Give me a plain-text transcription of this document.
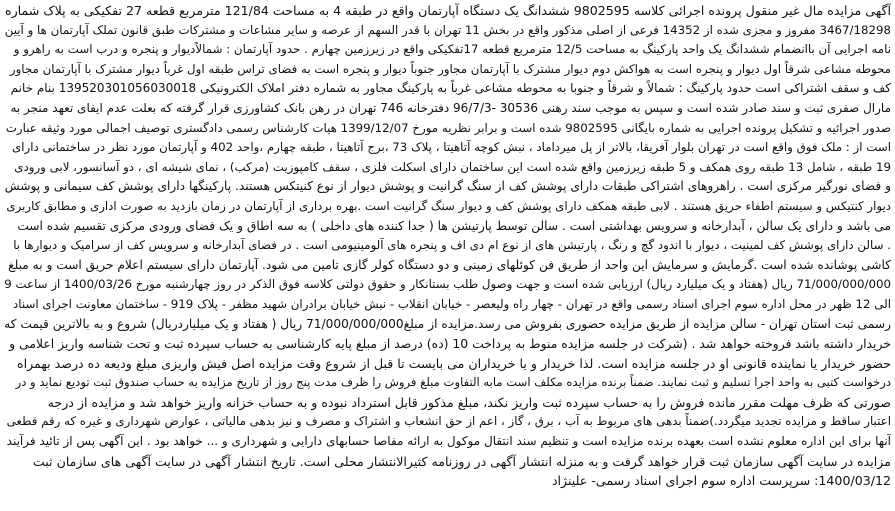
آگهی مزایده مال غیر منقول پرونده اجرائی کلاسه 9802595 ششدانگ یک دستگاه آپارتمان واقع در طبقه 4 به مساحت 121/84 مترمربع قطعه 27 تفکیکی به پلاک شماره
3467/18298 مفروز و مجزی شده از 14352 فرعی از اصلی مذکور واقع در بخش 11 تهران با قدر السهم از عرصه و سایر مشاعات و مشترکات طبق قانون تملک آپارتمان ها و آیین
نامه اجرایی آن باانضمام ششدانگ یک واحد پارکینگ به مساحت 12/5 مترمربع قطعه 17تفکیکی واقع در زیرزمین چهارم . حدود آپارتمان : شمالاًدیوار و پنجره و درب است به راهرو و
محوطه مشاعی شرقاً اول دیوار و پنجره است به هواکش دوم دیوار مشترک با آپارتمان مجاور جنوباً دیوار و پنجره است به فضای تراس طبقه اول غرباً دیوار مشترک با آپارتمان مجاور
کف و سقف اشتراکی است حدود پارکینگ : شمالاً و شرقاً و جنوبا به محوطه مشاعی غرباً به پارکینگ مجاور به شماره دفتر املاک الکترونیکی 139520301056030018 بنام خانم
مارال صفری ثبت و سند صادر شده است و سپس به موجب سند رهنی 30536 -96/7/3 دفترخانه 746 تهران در رهن بانک کشاورزی قرار گرفته که بعلت عدم ایفای تعهد منجر به
صدور اجرائیه و تشکیل پرونده اجرایی به شماره بایگانی 9802595 شده است و برابر نظریه مورخ 1399/12/07 هیات کارشناس رسمی دادگستری توصیف اجمالی مورد وثیقه عبارت
است از : ملک فوق واقع است در تهران بلوار آفریقا، بالاتر از پل میرداماد ، نبش کوچه آتاهیتا ، پلاک 73 ،برج آتاهیتا ، طبقه چهارم ،واحد 402 و آپارتمان مورد نظر در ساختمانی دارای
19 طبقه ، شامل 13 طبقه روی همکف و 5 طبقه زیرزمین واقع شده است این ساختمان دارای اسکلت فلزی ، سقف کامپوزیت (مرکب) ، نمای شیشه ای ، دو آسانسور، لابی ورودی
و فضای نورگیر مرکزی است . راهروهای اشتراکی طبقات دارای پوشش کف از سنگ گرانیت و پوشش دیوار از نوع کنیتکس هستند. پارکینگها دارای پوشش کف سیمانی و پوشش
دیوار کنتیکس و سیستم اطفاء حریق هستند . لابی طبقه همکف دارای پوشش کف و دیوار سنگ گرانیت است .بهره برداری از آپارتمان در زمان بازدید به صورت اداری و مطابق کاربری
می باشد و دارای یک سالن ، آبدارخانه و سرویس بهداشتی است . سالن توسط پارتیشن ها ( جدا کننده های داخلی ) به سه اطاق و یک فضای ورودی مرکزی تقسیم شده است
. سالن دارای پوشش کف لمینیت ، دیوار با اندود گچ و رنگ ، پارتیشن های از نوع ام دی اف و پنجره های آلومینیومی است . در فضای آبدارخانه و سرویس کف از سرامیک و دیوارها با
کاشی پوشانده شده است .گرمایش و سرمایش این واحد از طریق فن کوئلهای زمینی و دو دستگاه کولر گازی تامین می شود. آپارتمان دارای سیستم اعلام حریق است و به مبلغ
71/000/000/000 ریال (هفتاد و یک میلیارد ریال) ارزیابی شده است و جهت وصول طلب بستانکار و حقوق دولتی کلاسه فوق الذکر در روز چهارشنبه مورخ 1400/03/26 از ساعت 9
الی 12 ظهر در محل اداره سوم اجرای اسناد رسمی واقع در تهران - چهار راه ولیعصر - خیابان انقلاب - نبش خیابان برادران شهید مظفر - پلاک 919 - ساختمان معاونت اجرای اسناد
رسمی ثبت استان تهران - سالن مزایده از طریق مزایده حضوری بفروش می رسد.مزایده از مبلغ71/000/000/000 ریال ( هفتاد و یک میلیاردریال) شروع و به بالاترین قیمت که
خریدار داشته باشد فروخته خواهد شد . (شرکت در جلسه مزایده منوط به پرداخت 10 (ده) درصد از مبلغ پایه کارشناسی به حساب سپرده ثبت و تحت شناسه واریز اعلامی و
حضور خریدار یا نماینده قانونی او در جلسه مزایده است. لذا خریدار و یا خریداران می بایست تا قبل از شروع وقت مزایده اصل فیش واریزی مبلغ ودیعه ده درصد بهمراه
درخواست کتبی به واحد اجرا تسلیم و ثبت نمایند. ضمناً برنده مزایده مکلف است مابه التفاوت مبلغ فروش را ظرف مدت پنج روز از تاریخ مزایده به حساب صندوق ثبت تودیع نماید و در
صورتی که ظرف مهلت مقرر مانده فروش را به حساب سپرده ثبت واریز نکند، مبلغ مذکور قابل استرداد نبوده و به حساب خزانه واریز خواهد شد و مزایده از درجه
اعتبار ساقط و مزایده تجدید میگردد.)ضمناً بدهی های مربوط به آب ، برق ، گاز ، اعم از حق انشعاب و اشتراک و مصرف و نیز بدهی مالیاتی ، عوارض شهرداری و غیره که رقم قطعی
آنها برای این اداره معلوم نشده است بعهده برنده مزایده است و تنظیم سند انتقال موکول به ارائه مفاصا حسابهای دارایی و شهرداری و ... خواهد بود . این آگهی پس از تائید فرآیند
مزایده در سایت آگهی سازمان ثبت قرار خواهد گرفت و به منزله انتشار آگهی در روزنامه کثیرالانتشار محلی است. تاریخ انتشار آگهی در سایت آگهی های سازمان ثبت
1400/03/12: سرپرست اداره سوم اجرای اسناد رسمی- علینژاد
